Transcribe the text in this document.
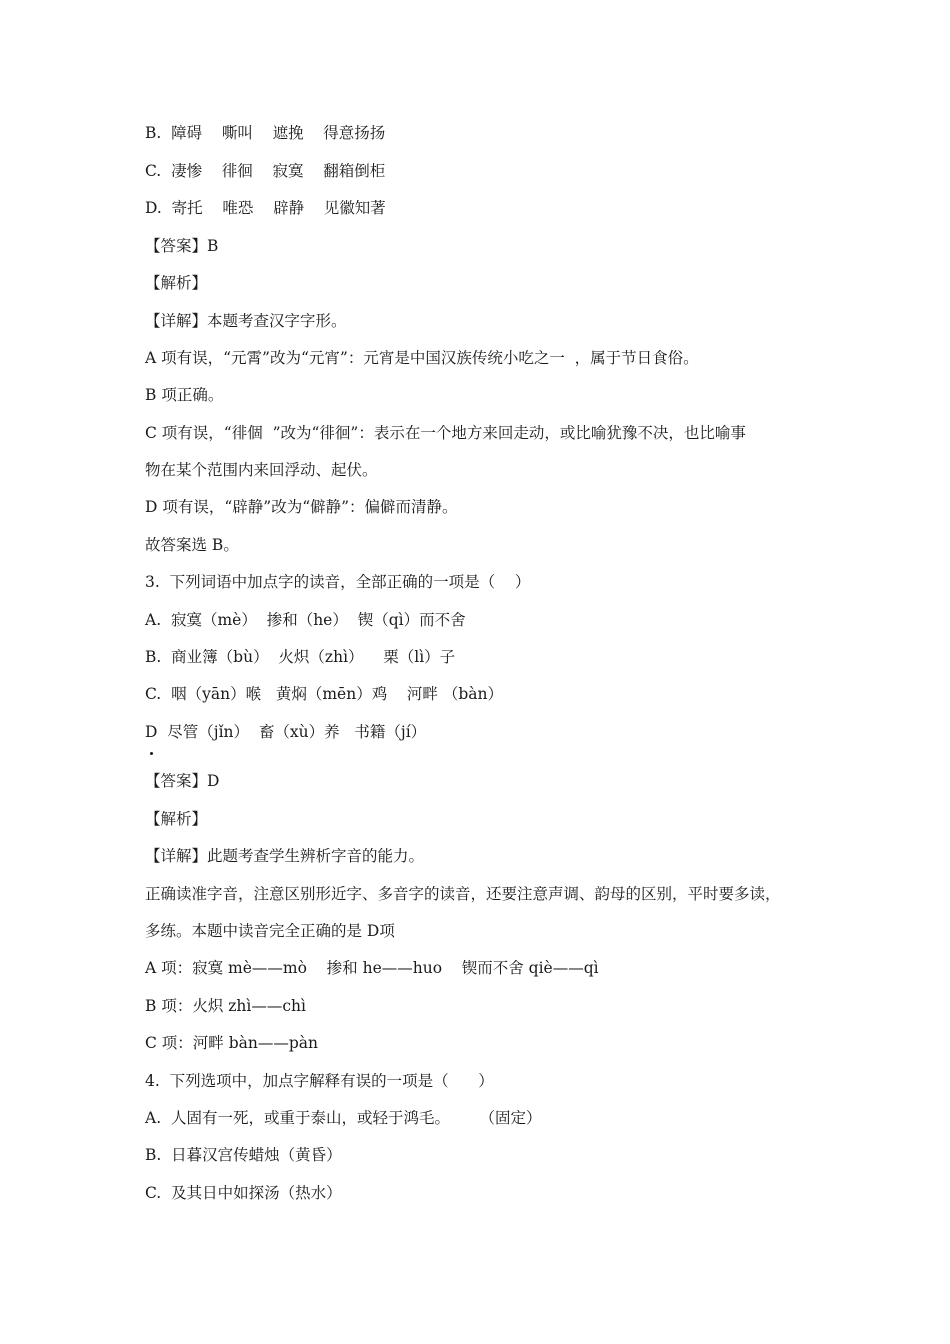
B.  障碍    嘶叫    遮挽    得意扬扬

C.  凄惨    徘徊    寂寞    翻箱倒柜

D.  寄托    唯恐    辟静    见徽知著

【答案】B

【解析】

【详解】本题考查汉字字形。

A 项有误，“元霄”改为“元宵”：元宵是中国汉族传统小吃之一  ，属于节日食俗。

B 项正确。

C 项有误，“徘個  ”改为“徘徊”：表示在一个地方来回走动，或比喻犹豫不决，也比喻事

物在某个范围内来回浮动、起伏。

D 项有误，“辟静”改为“僻静”：偏僻而清静。

故答案选 B。

3.  下列词语中加点字的读音，全部正确的一项是（    ）

A.  寂寞（mè）  掺和（he）  锲（qì）而不舍

B.  商业簿（bù）  火炽（zhì）    栗（lì）子

C.  咽（yān）喉   黄焖（mēn）鸡    河畔 （bàn）

D  尽管（jǐn）  畜（xù）养   书籍（jí）

【答案】D

【解析】

【详解】此题考查学生辨析字音的能力。

正确读准字音，注意区别形近字、多音字的读音，还要注意声调、韵母的区别，平时要多读，

多练。本题中读音完全正确的是 D项

A 项：寂寞 mè——mò    掺和 he——huo    锲而不舍 qiè——qì

B 项：火炽 zhì——chì

C 项：河畔 bàn——pàn

4.  下列选项中，加点字解释有误的一项是（      ）

A.  人固有一死，或重于泰山，或轻于鸿毛。      （固定）

B.  日暮汉宫传蜡烛（黄昏）

C.  及其日中如探汤（热水）
